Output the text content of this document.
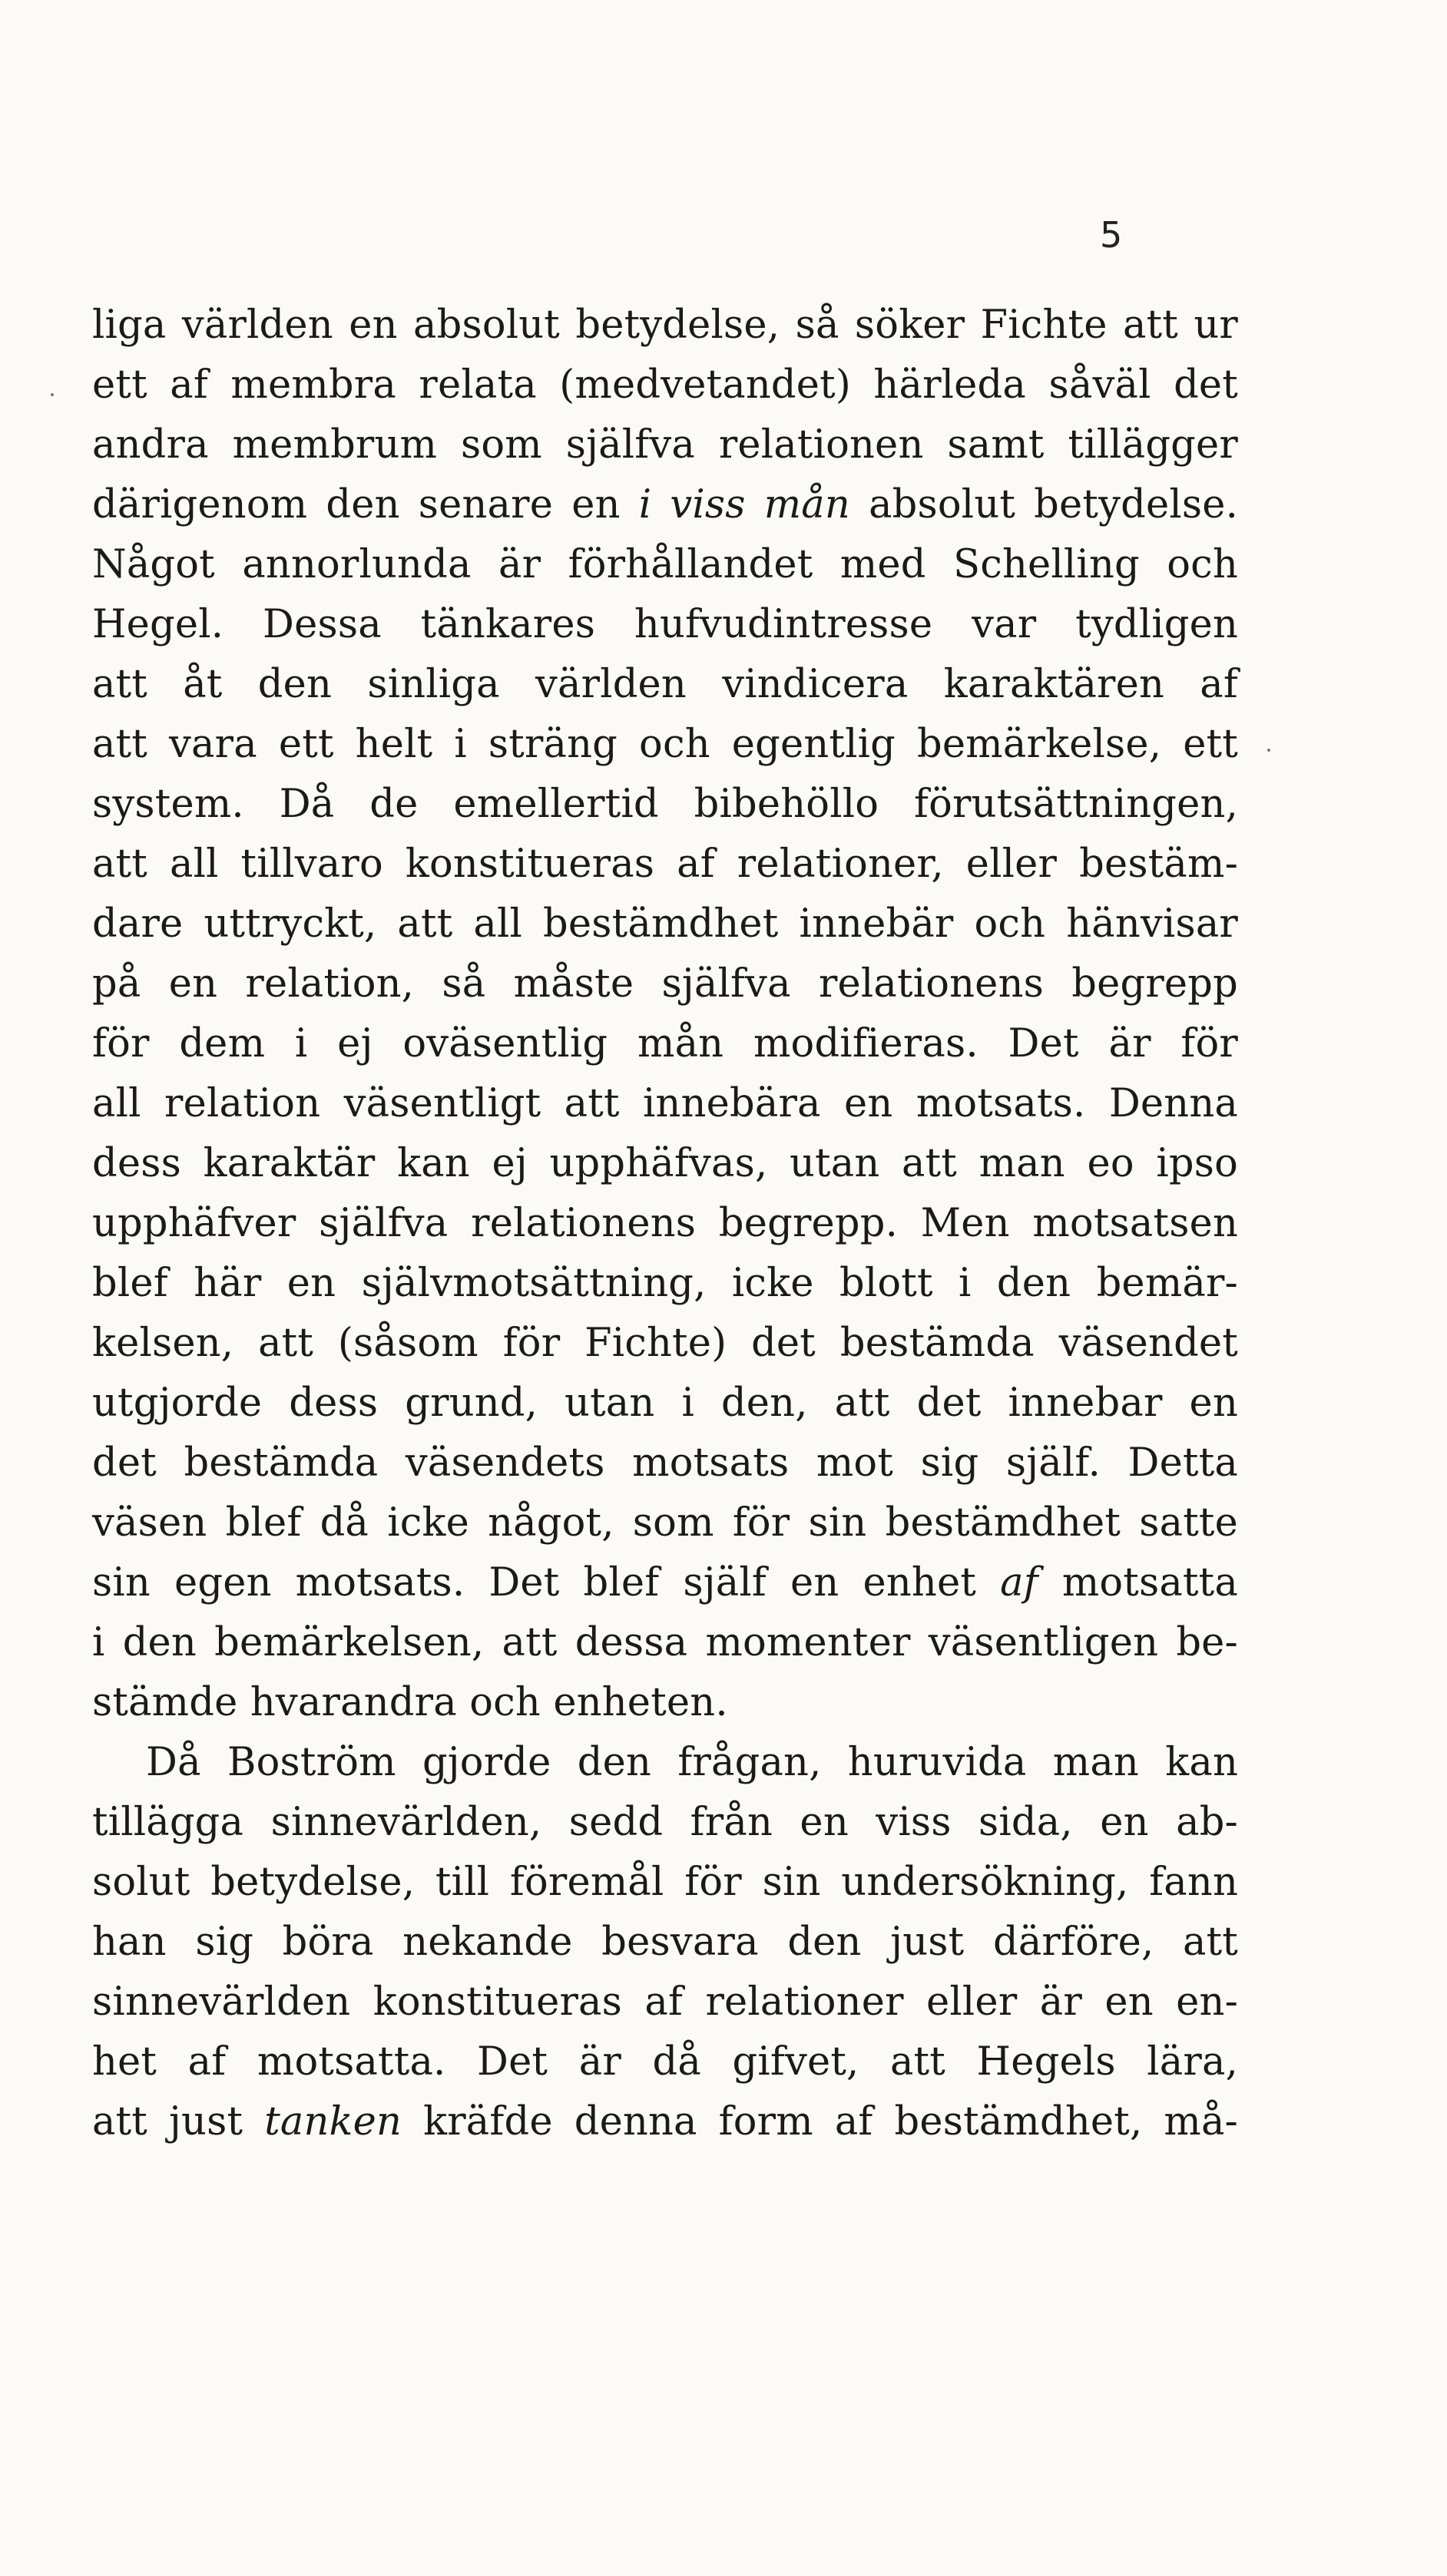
5
liga världen en absolut betydelse, så söker Fichte att ur
ett af membra relata (medvetandet) härleda såväl det
andra membrum som själfva relationen samt tillägger
därigenom den senare en i viss mån absolut betydelse.
Något annorlunda är förhållandet med Schelling och
Hegel. Dessa tänkares hufvudintresse var tydligen
att åt den sinliga världen vindicera karaktären af
att vara ett helt i sträng och egentlig bemärkelse, ett
system. Då de emellertid bibehöllo förutsättningen,
att all tillvaro konstitueras af relationer, eller bestäm-
dare uttryckt, att all bestämdhet innebär och hänvisar
på en relation, så måste själfva relationens begrepp
för dem i ej oväsentlig mån modifieras. Det är för
all relation väsentligt att innebära en motsats. Denna
dess karaktär kan ej upphäfvas, utan att man eo ipso
upphäfver själfva relationens begrepp. Men motsatsen
blef här en självmotsättning, icke blott i den bemär-
kelsen, att (såsom för Fichte) det bestämda väsendet
utgjorde dess grund, utan i den, att det innebar en
det bestämda väsendets motsats mot sig själf. Detta
väsen blef då icke något, som för sin bestämdhet satte
sin egen motsats. Det blef själf en enhet af motsatta
i den bemärkelsen, att dessa momenter väsentligen be-
stämde hvarandra och enheten.
Då Boström gjorde den frågan, huruvida man kan
tillägga sinnevärlden, sedd från en viss sida, en ab-
solut betydelse, till föremål för sin undersökning, fann
han sig böra nekande besvara den just därföre, att
sinnevärlden konstitueras af relationer eller är en en-
het af motsatta. Det är då gifvet, att Hegels lära,
att just tanken kräfde denna form af bestämdhet, må-
